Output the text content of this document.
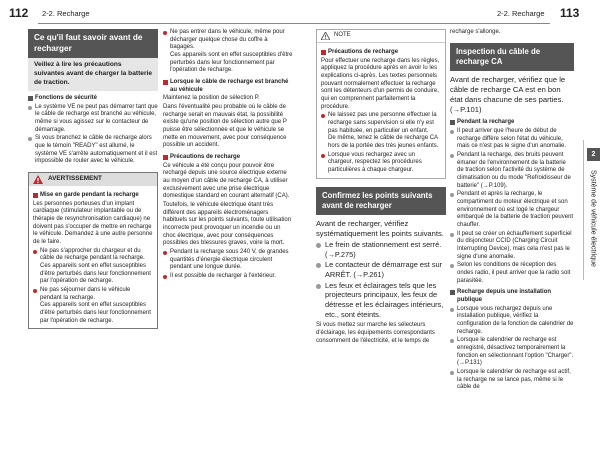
112 2-2. Recharge	2-2. Recharge 113
2
Système de véhicule électrique
Ce qu'il faut savoir avant de recharger
Veillez à lire les précautions suivantes avant de charger la batterie de traction.
Fonctions de sécurité
Le système VE ne peut pas démarrer tant que le câble de recharge est branché au véhicule, même si vous agissez sur le contacteur de démarrage.
Si vous branchez le câble de recharge alors que le témoin "READY" est allumé, le système VE s'arrête automatiquement et il est impossible de rouler avec le véhicule.
AVERTISSEMENT
Mise en garde pendant la recharge

Les personnes porteuses d'un implant cardiaque (stimulateur implantable ou de thérapie de resynchronisation cardiaque) ne doivent pas s'occuper de mettre en recharge le véhicule. Demandez à une autre personne de le faire.

Ne pas s'approcher du chargeur et du câble de recharge pendant la recharge.
Ces appareils sont en effet susceptibles d'être perturbés dans leur fonctionnement par l'opération de recharge.
Ne pas séjourner dans le véhicule pendant la recharge.
Ces appareils sont en effet susceptibles d'être perturbés dans leur fonctionnement par l'opération de recharge.
Ne pas entrer dans le véhicule, même pour décharger quelque chose du coffre à bagages.
Ces appareils sont en effet susceptibles d'être perturbés dans leur fonctionnement par l'opération de recharge.
Lorsque le câble de recharge est branché au véhicule

Maintenez la position de sélection P.

Dans l'éventualité peu probable où le câble de recharge serait en mauvais état, la possibilité existe qu'une position de sélection autre que P puisse être sélectionnée et que le véhicule se mette en mouvement, avec pour conséquence possible un accident.

Précautions de recharge

Ce véhicule a été conçu pour pouvoir être rechargé depuis une source électrique externe au moyen d'un câble de recharge CA, à utiliser exclusivement avec une prise électrique domestique standard en courant alternatif (CA).

Toutefois, le véhicule électrique étant très différent des appareils électroménagers habituels sur les points suivants, toute utilisation incorrecte peut provoquer un incendie ou un choc électrique, avec pour conséquences possibles des blessures graves, voire la mort.

Pendant la recharge sous 240 V, de grandes quantités d'énergie électrique circulent pendant une longue durée.
Il est possible de recharger à l'extérieur.
NOTE
Précautions de recharge

Pour effectuer une recharge dans les règles, appliquez la procédure après en avoir lu les explications ci-après. Les textes personnels pouvant normalement effectuer la recharge sont les détenteurs d'un permis de conduire, qui en comprennent parfaitement la procédure.

Ne laissez pas une personne effectuer la recharge sans supervision si elle n'y est pas habituée, en particulier un enfant.
De même, tenez le câble de recharge CA hors de la portée des très jeunes enfants.
Lorsque vous rechargez avec un chargeur, respectez les procédures particulières à chaque chargeur.
Confirmez les points suivants avant de recharger

Avant de recharger, vérifiez systématiquement les points suivants.

Le frein de stationnement est serré. (→P.275)
Le contacteur de démarrage est sur ARRÊT. (→P.261)
Les feux et éclairages tels que les projecteurs principaux, les feux de détresse et les éclairages intérieurs, etc., sont éteints.

Si vous mettez sur marche les sélecteurs d'éclairage, les équipements correspondants consomment de l'électricité, et le temps de

recharge s'allonge.

Inspection du câble de recharge CA

Avant de recharger, vérifiez que le câble de recharge CA est en bon état dans chacune de ses parties. (→P.101)

Pendant la recharge
Il peut arriver que l'heure de début de recharge diffère selon l'état du véhicule, mais ce n'est pas le signe d'un anomalie.
Pendant la recharge, des bruits peuvent émaner de l'environnement de la batterie de traction selon l'activité du système de climatisation ou du mode "Refroidisseur de batterie" (→P.109).
Pendant et après la recharge, le compartiment du moteur électrique et son environnement où est logé le chargeur embarqué de la batterie de traction peuvent chauffer.
Il peut se créer un échauffement superficiel du disjoncteur CCID (Charging Circuit Interrupting Device), mais cela n'est pas le signe d'une anomalie.
Selon les conditions de réception des ondes radio, il peut arriver que la radio soit parasitée.
Recharge depuis une installation publique
Lorsque vous rechargez depuis une installation publique, vérifiez la configuration de la fonction de calendrier de recharge.
Lorsque le calendrier de recharge est enregistré, désactivez temporairement la fonction en sélectionnant l'option "Charger". (→P.131)
Lorsque le calendrier de recharge est actif, la recharge ne se lance pas, même si le câble de
